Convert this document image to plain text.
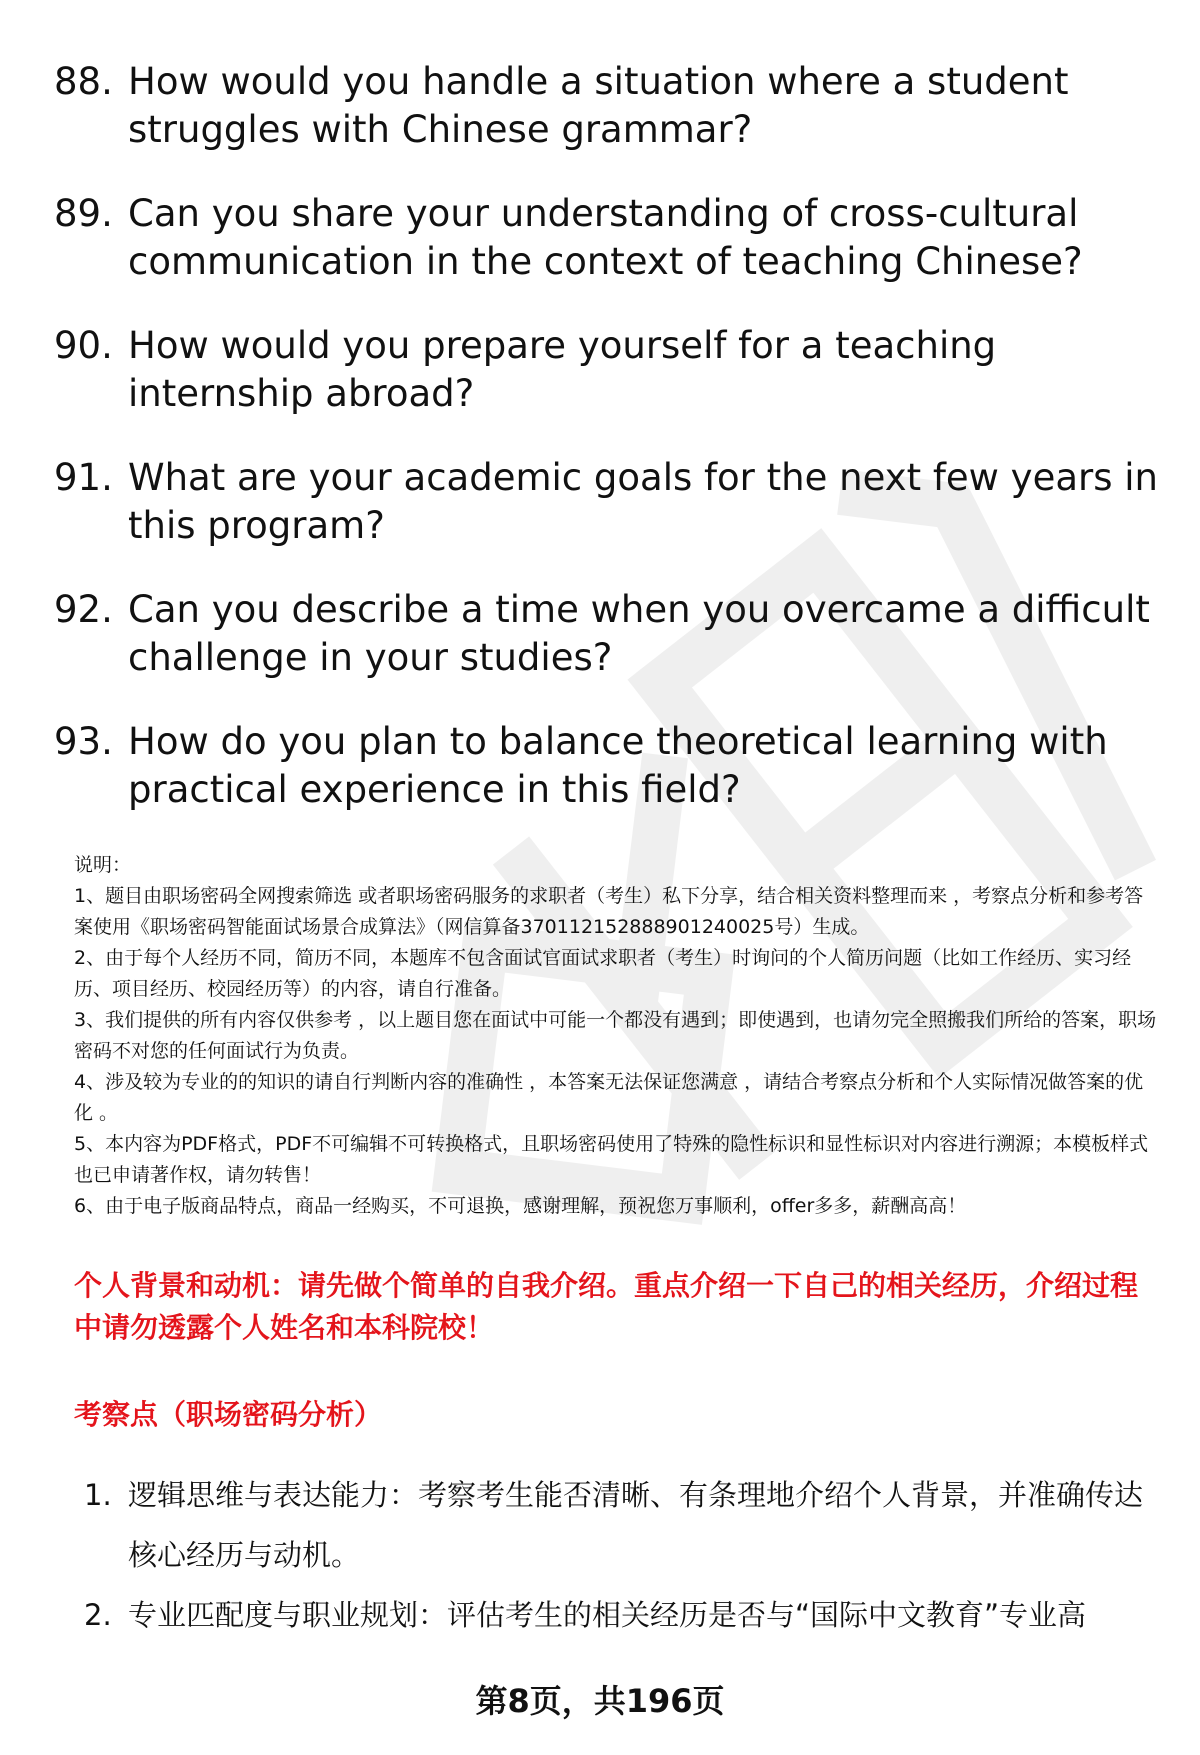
88. How would you handle a situation where a student struggles with Chinese grammar?
89. Can you share your understanding of cross-cultural communication in the context of teaching Chinese?
90. How would you prepare yourself for a teaching internship abroad?
91. What are your academic goals for the next few years in this program?
92. Can you describe a time when you overcame a difficult challenge in your studies?
93. How do you plan to balance theoretical learning with practical experience in this field?

说明：

1、题目由职场密码全网搜索筛选 或者职场密码服务的求职者（考生）私下分享，结合相关资料整理而来 ，考察点分析和参考答案使用《职场密码智能面试场景合成算法》（网信算备370112152888901240025号）生成。

2、由于每个人经历不同，简历不同，本题库不包含面试官面试求职者（考生）时询问的个人简历问题（比如工作经历、实习经历、项目经历、校园经历等）的内容，请自行准备。

3、我们提供的所有内容仅供参考 ，以上题目您在面试中可能一个都没有遇到；即使遇到，也请勿完全照搬我们所给的答案，职场密码不对您的任何面试行为负责。

4、涉及较为专业的的知识的请自行判断内容的准确性 ，本答案无法保证您满意 ，请结合考察点分析和个人实际情况做答案的优化 。

5、本内容为PDF格式，PDF不可编辑不可转换格式，且职场密码使用了特殊的隐性标识和显性标识对内容进行溯源；本模板样式也已申请著作权，请勿转售！

6、由于电子版商品特点，商品一经购买，不可退换，感谢理解，预祝您万事顺利，offer多多，薪酬高高！

个人背景和动机：请先做个简单的自我介绍。重点介绍一下自己的相关经历，介绍过程中请勿透露个人姓名和本科院校！
考察点（职场密码分析）
1. 逻辑思维与表达能力：考察考生能否清晰、有条理地介绍个人背景，并准确传达核心经历与动机。
2. 专业匹配度与职业规划：评估考生的相关经历是否与“国际中文教育”专业高
第8页，共196页
